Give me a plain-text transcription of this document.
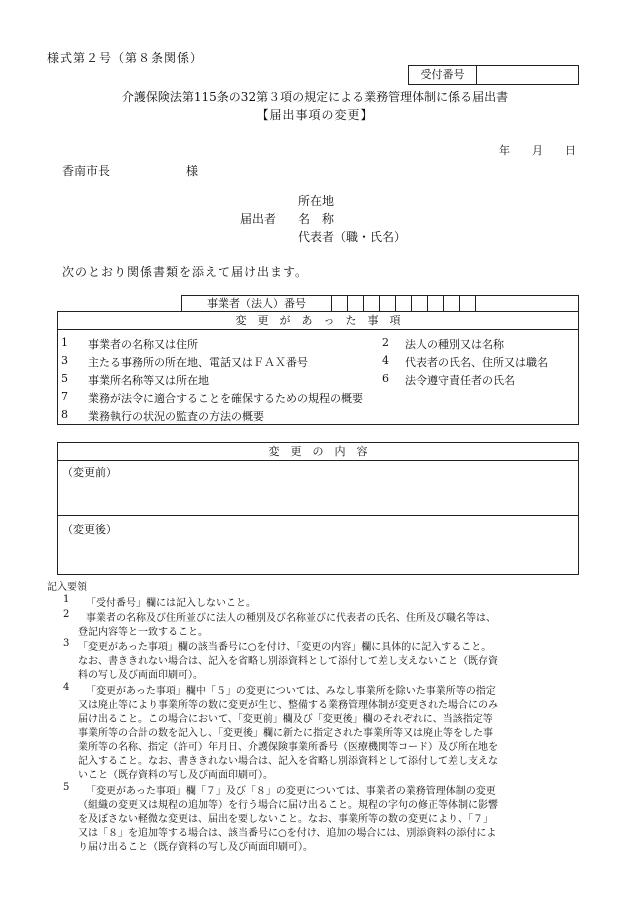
様式第２号（第８条関係）
受付番号
介護保険法第115条の32第３項の規定による業務管理体制に係る届出書
【届出事項の変更】
年　　月　　日
香南市長	様
所在地
届出者 名　称
代表者（職・氏名）
次のとおり関係書類を添えて届け出ます。
事業者（法人）番号
変　更　が　あ　っ　た　事　項
1 事業者の名称又は住所	2 法人の種別又は名称
3 主たる事務所の所在地、電話又はＦＡＸ番号	4 代表者の氏名、住所又は職名
5 事業所名称等又は所在地	6 法令遵守責任者の氏名
7 業務が法令に適合することを確保するための規程の概要
8 業務執行の状況の監査の方法の概要
変　更　の　内　容
（変更前）
（変更後）
記入要領
1 「受付番号」欄には記入しないこと。
2 事業者の名称及び住所並びに法人の種別及び名称並びに代表者の氏名、住所及び職名等は、
登記内容等と一致すること。
3 「変更があった事項」欄の該当番号に○を付け、「変更の内容」欄に具体的に記入すること。
なお、書ききれない場合は、記入を省略し別添資料として添付して差し支えないこと（既存資
料の写し及び両面印刷可）。
4 「変更があった事項」欄中「５」の変更については、みなし事業所を除いた事業所等の指定
又は廃止等により事業所等の数に変更が生じ、整備する業務管理体制が変更された場合にのみ
届け出ること。この場合において、「変更前」欄及び「変更後」欄のそれぞれに、当該指定等
事業所等の合計の数を記入し、「変更後」欄に新たに指定された事業所等又は廃止等をした事
業所等の名称、指定（許可）年月日、介護保険事業所番号（医療機関等コード）及び所在地を
記入すること。なお、書ききれない場合は、記入を省略し別添資料として添付して差し支えな
いこと（既存資料の写し及び両面印刷可）。
5 「変更があった事項」欄「７」及び「８」の変更については、事業者の業務管理体制の変更
（組織の変更又は規程の追加等）を行う場合に届け出ること。規程の字句の修正等体制に影響
を及ぼさない軽微な変更は、届出を要しないこと。なお、事業所等の数の変更により、「７」
又は「８」を追加等する場合は、該当番号に○を付け、追加の場合には、別添資料の添付によ
り届け出ること（既存資料の写し及び両面印刷可）。
